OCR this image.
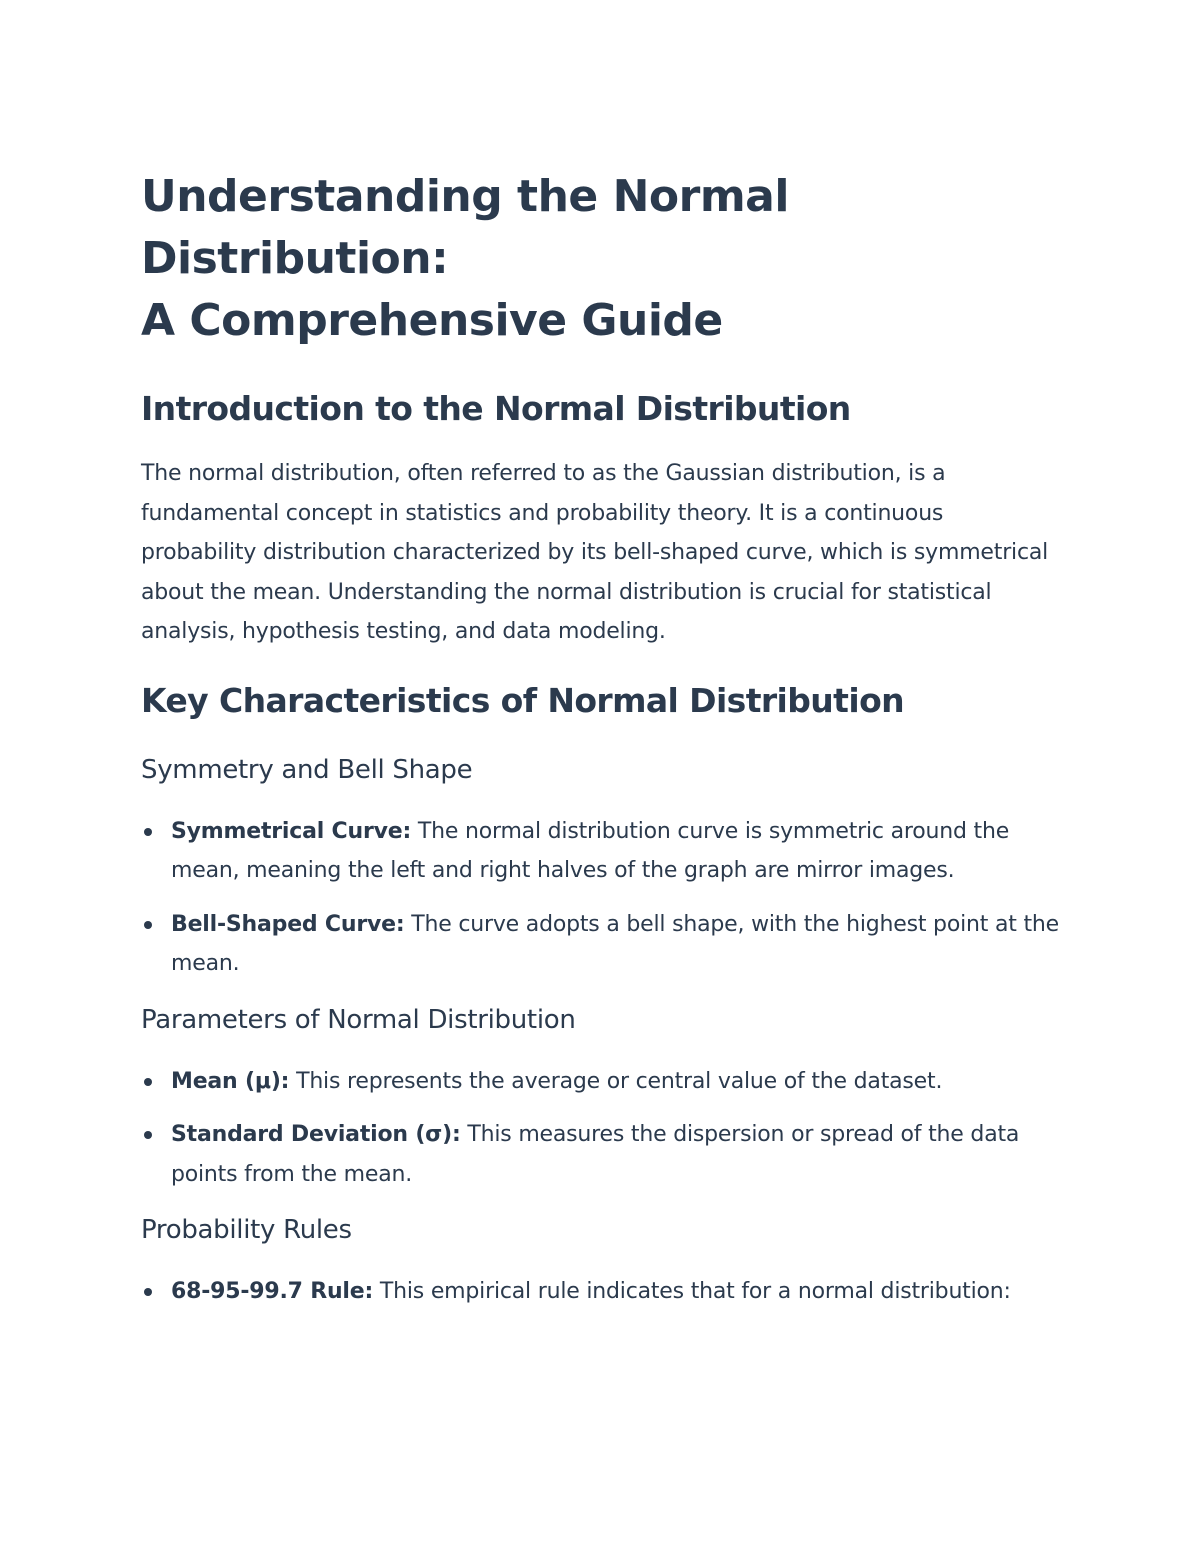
Understanding the Normal Distribution:
A Comprehensive Guide
Introduction to the Normal Distribution

The normal distribution, often referred to as the Gaussian distribution, is a fundamental concept in statistics and probability theory. It is a continuous probability distribution characterized by its bell-shaped curve, which is symmetrical about the mean. Understanding the normal distribution is crucial for statistical analysis, hypothesis testing, and data modeling.

Key Characteristics of Normal Distribution
Symmetry and Bell Shape
Symmetrical Curve: The normal distribution curve is symmetric around the mean, meaning the left and right halves of the graph are mirror images.
Bell-Shaped Curve: The curve adopts a bell shape, with the highest point at the mean.
Parameters of Normal Distribution
Mean (μ): This represents the average or central value of the dataset.
Standard Deviation (σ): This measures the dispersion or spread of the data points from the mean.
Probability Rules
68-95-99.7 Rule: This empirical rule indicates that for a normal distribution:
